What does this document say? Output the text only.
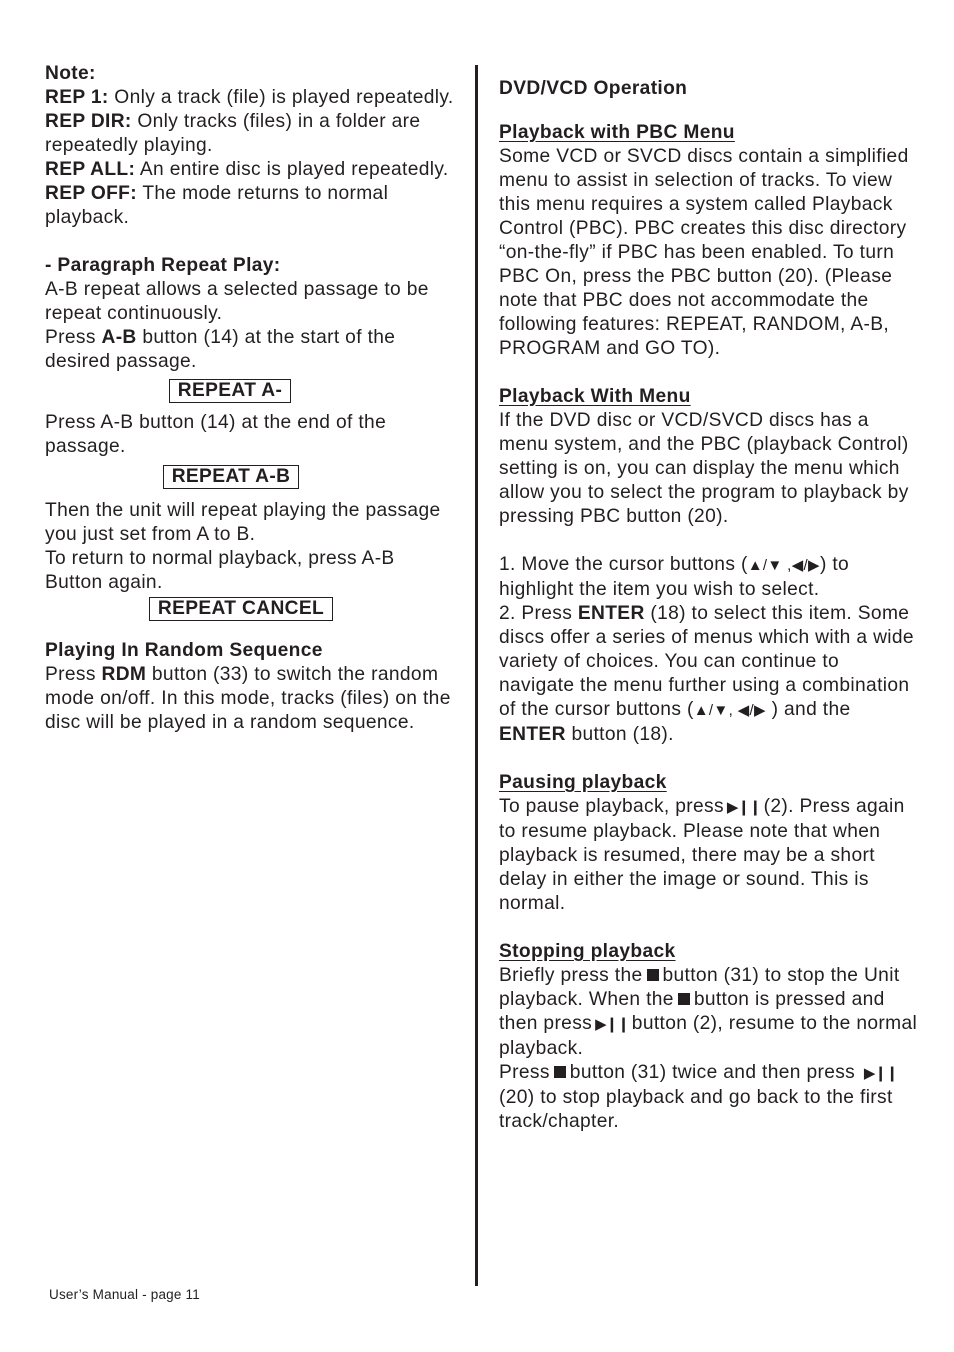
Note:

REP 1: Only a track (file) is played repeatedly.

REP DIR: Only tracks (files) in a folder are repeatedly playing.

REP ALL: An entire disc is played repeatedly.

REP OFF: The mode returns to normal playback.

- Paragraph Repeat Play:

A-B repeat allows a selected passage to be repeat continuously.

Press A-B button (14) at the start of the desired passage.

REPEAT A-

Press A-B button (14) at the end of the passage.

REPEAT A-B

Then the unit will repeat playing the passage you just set from A to B.

To return to normal playback, press A-B Button again.

REPEAT CANCEL

Playing In Random Sequence

Press RDM button (33) to switch the random mode on/off. In this mode, tracks (files) on the disc will be played in a random sequence.

DVD/VCD Operation

Playback with PBC Menu

Some VCD or SVCD discs contain a simplified menu to assist in selection of tracks. To view this menu requires a system called Playback Control (PBC). PBC creates this disc directory “on-the-fly” if PBC has been enabled. To turn PBC On, press the PBC button (20). (Please note that PBC does not accommodate the following features: REPEAT, RANDOM, A-B, PROGRAM and GO TO).

Playback With Menu

If the DVD disc or VCD/SVCD discs has a menu system, and the PBC (playback Control) setting is on, you can display the menu which allow you to select the program to playback by pressing PBC button (20).

1. Move the cursor buttons (▲/▼ ,◀/▶) to highlight the item you wish to select.

2. Press ENTER (18) to select this item. Some discs offer a series of menus which with a wide variety of choices. You can continue to navigate the menu further using a combination of the cursor buttons (▲/▼, ◀/▶ ) and the ENTER button (18).

Pausing playback

To pause playback, press ▶❙❙ (2). Press again to resume playback. Please note that when playback is resumed, there may be a short delay in either the image or sound. This is normal.

Stopping playback

Briefly press the button (31) to stop the Unit playback. When the button is pressed and then press ▶❙❙ button (2), resume to the normal playback.

Press button (31) twice and then press ▶❙❙(20) to stop playback and go back to the first track/chapter.

User’s Manual - page 11
